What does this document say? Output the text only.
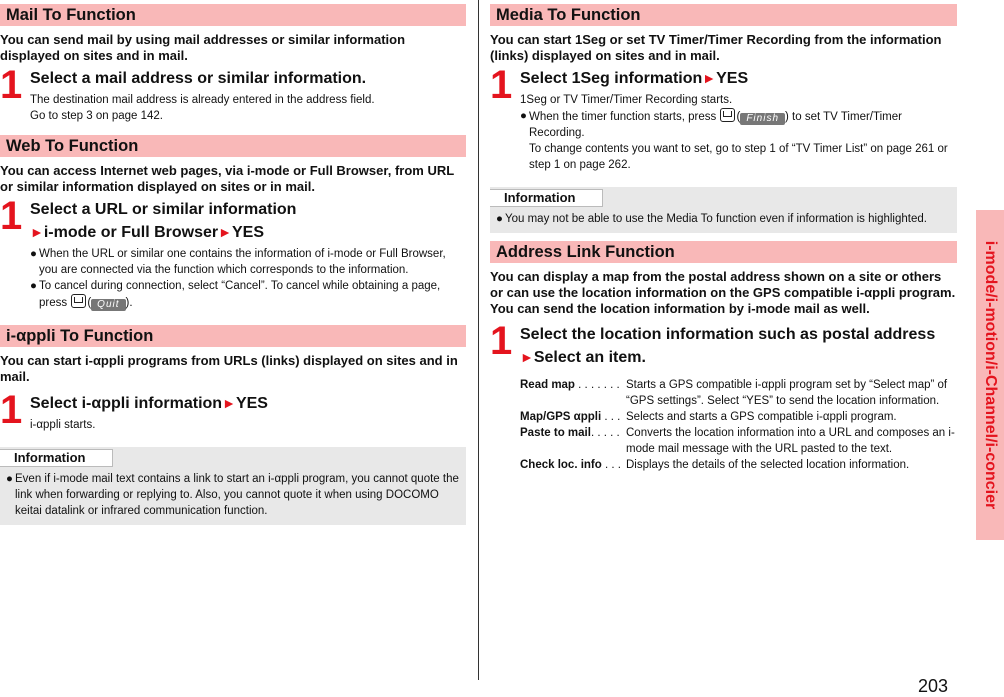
Mail To Function
You can send mail by using mail addresses or similar information displayed on sites and in mail.
1 Select a mail address or similar information.
The destination mail address is already entered in the address field.
Go to step 3 on page 142.
Web To Function
You can access Internet web pages, via i-mode or Full Browser, from URL or similar information displayed on sites or in mail.
1 Select a URL or similar information
►i-mode or Full Browser►YES
● When the URL or similar one contains the information of i-mode or Full Browser, you are connected via the function which corresponds to the information.
● To cancel during connection, select “Cancel”. To cancel while obtaining a page, press ( Quit ).
i-αppli To Function
You can start i-αppli programs from URLs (links) displayed on sites and in mail.
1 Select i-αppli information►YES
i-αppli starts.
Information
● Even if i-mode mail text contains a link to start an i-αppli program, you cannot quote the link when forwarding or replying to. Also, you cannot quote it when using DOCOMO keitai datalink or infrared communication function.
Media To Function
You can start 1Seg or set TV Timer/Timer Recording from the information (links) displayed on sites and in mail.
1 Select 1Seg information►YES
1Seg or TV Timer/Timer Recording starts.
● When the timer function starts, press ( Finish ) to set TV Timer/Timer Recording.
To change contents you want to set, go to step 1 of “TV Timer List” on page 261 or step 1 on page 262.
Information
● You may not be able to use the Media To function even if information is highlighted.
Address Link Function
You can display a map from the postal address shown on a site or others or can use the location information on the GPS compatible i-αppli program. You can send the location information by i-mode mail as well.
1 Select the location information such as postal address
►Select an item.
Read map . . . . . . . Starts a GPS compatible i-αppli program set by “Select map” of “GPS settings”. Select “YES” to send the location information.
Map/GPS αppli . . . Selects and starts a GPS compatible i-αppli program.
Paste to mail. . . . . Converts the location information into a URL and composes an i-mode mail message with the URL pasted to the text.
Check loc. info . . . Displays the details of the selected location information.	i-mode/i-motion/i-Channel/i-concier
203
